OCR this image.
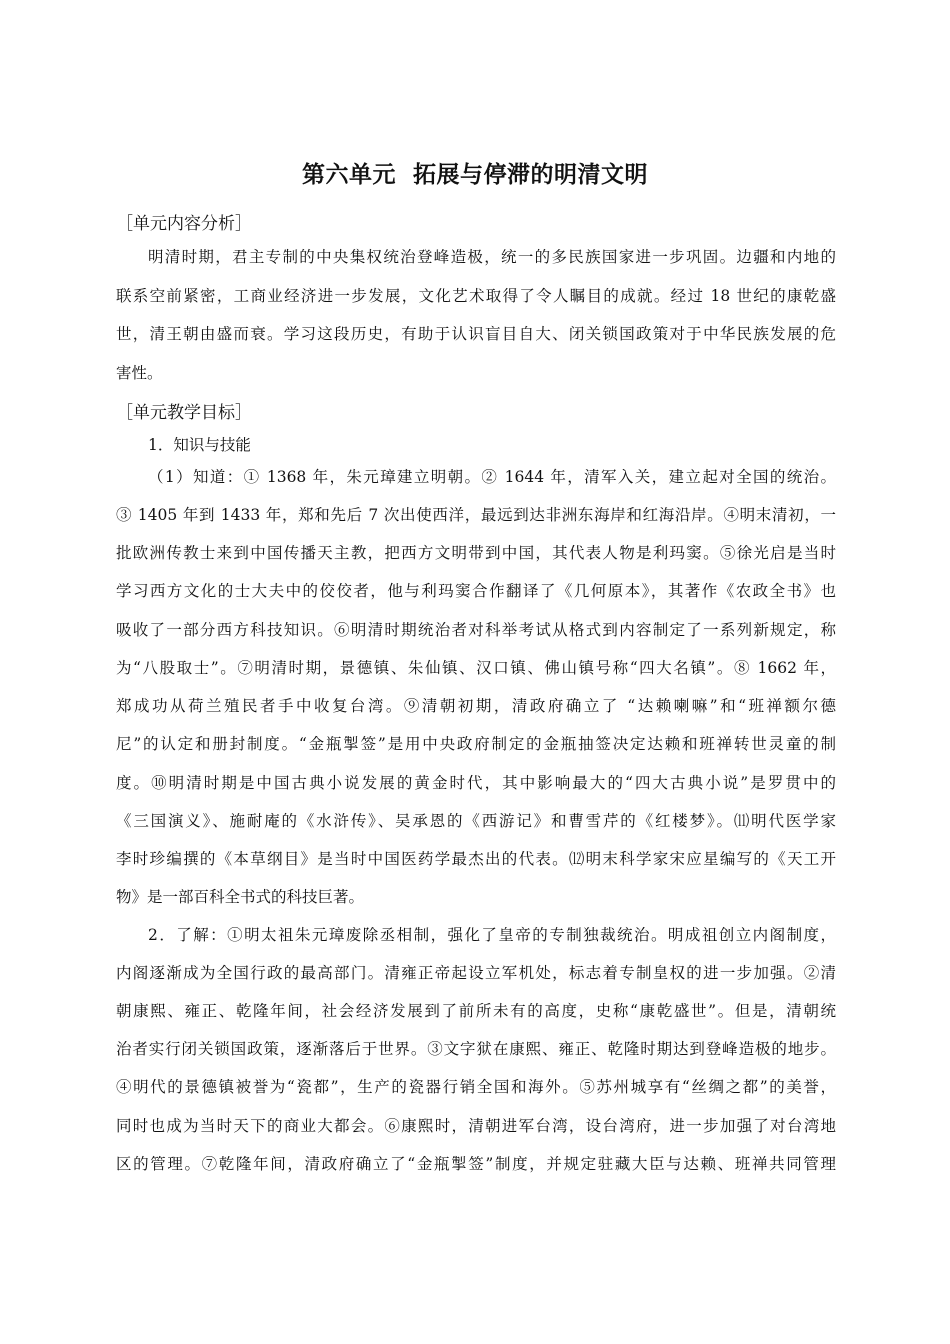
第六单元  拓展与停滞的明清文明
［单元内容分析］
明清时期，君主专制的中央集权统治登峰造极，统一的多民族国家进一步巩固。边疆和内地的
联系空前紧密，工商业经济进一步发展，文化艺术取得了令人瞩目的成就。经过 18 世纪的康乾盛
世，清王朝由盛而衰。学习这段历史，有助于认识盲目自大、闭关锁国政策对于中华民族发展的危
害性。
［单元教学目标］
1．知识与技能
（1）知道：① 1368 年，朱元璋建立明朝。② 1644 年，清军入关，建立起对全国的统治。
③ 1405 年到 1433 年，郑和先后 7 次出使西洋，最远到达非洲东海岸和红海沿岸。④明末清初，一
批欧洲传教士来到中国传播天主教，把西方文明带到中国，其代表人物是利玛窦。⑤徐光启是当时
学习西方文化的士大夫中的佼佼者，他与利玛窦合作翻译了《几何原本》，其著作《农政全书》也
吸收了一部分西方科技知识。⑥明清时期统治者对科举考试从格式到内容制定了一系列新规定，称
为“八股取士”。⑦明清时期，景德镇、朱仙镇、汉口镇、佛山镇号称“四大名镇”。⑧ 1662 年，
郑成功从荷兰殖民者手中收复台湾。⑨清朝初期，清政府确立了 “达赖喇嘛”和“班禅额尔德
尼”的认定和册封制度。“金瓶掣签”是用中央政府制定的金瓶抽签决定达赖和班禅转世灵童的制
度。⑩明清时期是中国古典小说发展的黄金时代，其中影响最大的“四大古典小说”是罗贯中的
《三国演义》、施耐庵的《水浒传》、吴承恩的《西游记》和曹雪芹的《红楼梦》。⑾明代医学家
李时珍编撰的《本草纲目》是当时中国医药学最杰出的代表。⑿明末科学家宋应星编写的《天工开
物》是一部百科全书式的科技巨著。
2．了解：①明太祖朱元璋废除丞相制，强化了皇帝的专制独裁统治。明成祖创立内阁制度，
内阁逐渐成为全国行政的最高部门。清雍正帝起设立军机处，标志着专制皇权的进一步加强。②清
朝康熙、雍正、乾隆年间，社会经济发展到了前所未有的高度，史称“康乾盛世”。但是，清朝统
治者实行闭关锁国政策，逐渐落后于世界。③文字狱在康熙、雍正、乾隆时期达到登峰造极的地步。
④明代的景德镇被誉为“瓷都”，生产的瓷器行销全国和海外。⑤苏州城享有“丝绸之都”的美誉，
同时也成为当时天下的商业大都会。⑥康熙时，清朝进军台湾，设台湾府，进一步加强了对台湾地
区的管理。⑦乾隆年间，清政府确立了“金瓶掣签”制度，并规定驻藏大臣与达赖、班禅共同管理
